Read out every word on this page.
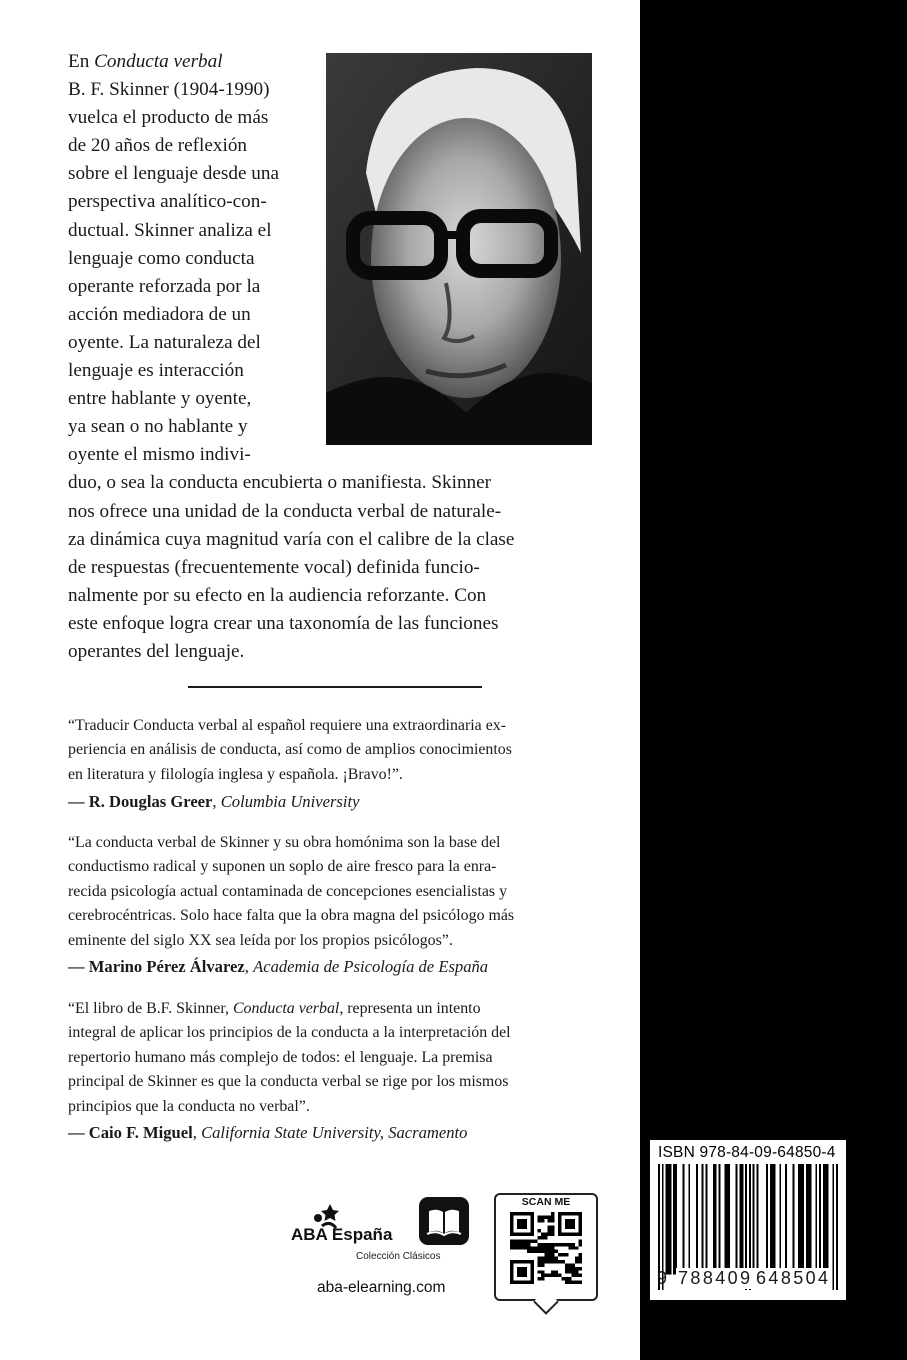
En Conducta verbal
B. F. Skinner (1904-1990)
vuelca el producto de más
de 20 años de reflexión
sobre el lenguaje desde una
perspectiva analítico-con-
ductual. Skinner analiza el
lenguaje como conducta
operante reforzada por la
acción mediadora de un
oyente. La naturaleza del
lenguaje es interacción
entre hablante y oyente,
ya sean o no hablante y
oyente el mismo indivi-
duo, o sea la conducta encubierta o manifiesta. Skinner
nos ofrece una unidad de la conducta verbal de naturale-
za dinámica cuya magnitud varía con el calibre de la clase
de respuestas (frecuentemente vocal) definida funcio-
nalmente por su efecto en la audiencia reforzante. Con
este enfoque logra crear una taxonomía de las funciones
operantes del lenguaje.
“Traducir Conducta verbal al español requiere una extraordinaria ex-
periencia en análisis de conducta, así como de amplios conocimientos
en literatura y filología inglesa y española. ¡Bravo!”.
— R. Douglas Greer, Columbia University
“La conducta verbal de Skinner y su obra homónima son la base del
conductismo radical y suponen un soplo de aire fresco para la enra-
recida psicología actual contaminada de concepciones esencialistas y
cerebrocéntricas. Solo hace falta que la obra magna del psicólogo más
eminente del siglo XX sea leída por los propios psicólogos”.
— Marino Pérez Álvarez, Academia de Psicología de España
“El libro de B.F. Skinner, Conducta verbal, representa un intento
integral de aplicar los principios de la conducta a la interpretación del
repertorio humano más complejo de todos: el lenguaje. La premisa
principal de Skinner es que la conducta verbal se rige por los mismos
principios que la conducta no verbal”.
— Caio F. Miguel, California State University, Sacramento
ABA España
Colección Clásicos
aba-elearning.com
SCAN ME
ISBN 978-84-09-64850-4
9 788409 648504
